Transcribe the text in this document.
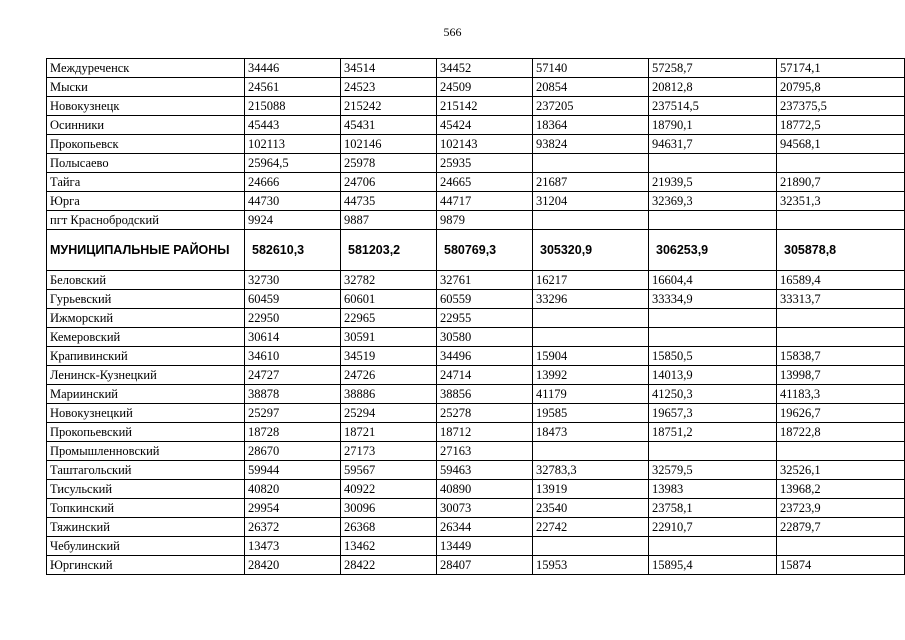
566
Междуреченск	34446	34514	34452	57140	57258,7	57174,1
Мыски	24561	24523	24509	20854	20812,8	20795,8
Новокузнецк	215088	215242	215142	237205	237514,5	237375,5
Осинники	45443	45431	45424	18364	18790,1	18772,5
Прокопьевск	102113	102146	102143	93824	94631,7	94568,1
Полысаево	25964,5	25978	25935			
Тайга	24666	24706	24665	21687	21939,5	21890,7
Юрга	44730	44735	44717	31204	32369,3	32351,3
пгт Краснобродский	9924	9887	9879			
МУНИЦИПАЛЬНЫЕ РАЙОНЫ	582610,3	581203,2	580769,3	305320,9	306253,9	305878,8
Беловский	32730	32782	32761	16217	16604,4	16589,4
Гурьевский	60459	60601	60559	33296	33334,9	33313,7
Ижморский	22950	22965	22955			
Кемеровский	30614	30591	30580			
Крапивинский	34610	34519	34496	15904	15850,5	15838,7
Ленинск-Кузнецкий	24727	24726	24714	13992	14013,9	13998,7
Мариинский	38878	38886	38856	41179	41250,3	41183,3
Новокузнецкий	25297	25294	25278	19585	19657,3	19626,7
Прокопьевский	18728	18721	18712	18473	18751,2	18722,8
Промышленновский	28670	27173	27163			
Таштагольский	59944	59567	59463	32783,3	32579,5	32526,1
Тисульский	40820	40922	40890	13919	13983	13968,2
Топкинский	29954	30096	30073	23540	23758,1	23723,9
Тяжинский	26372	26368	26344	22742	22910,7	22879,7
Чебулинский	13473	13462	13449			
Юргинский	28420	28422	28407	15953	15895,4	15874
